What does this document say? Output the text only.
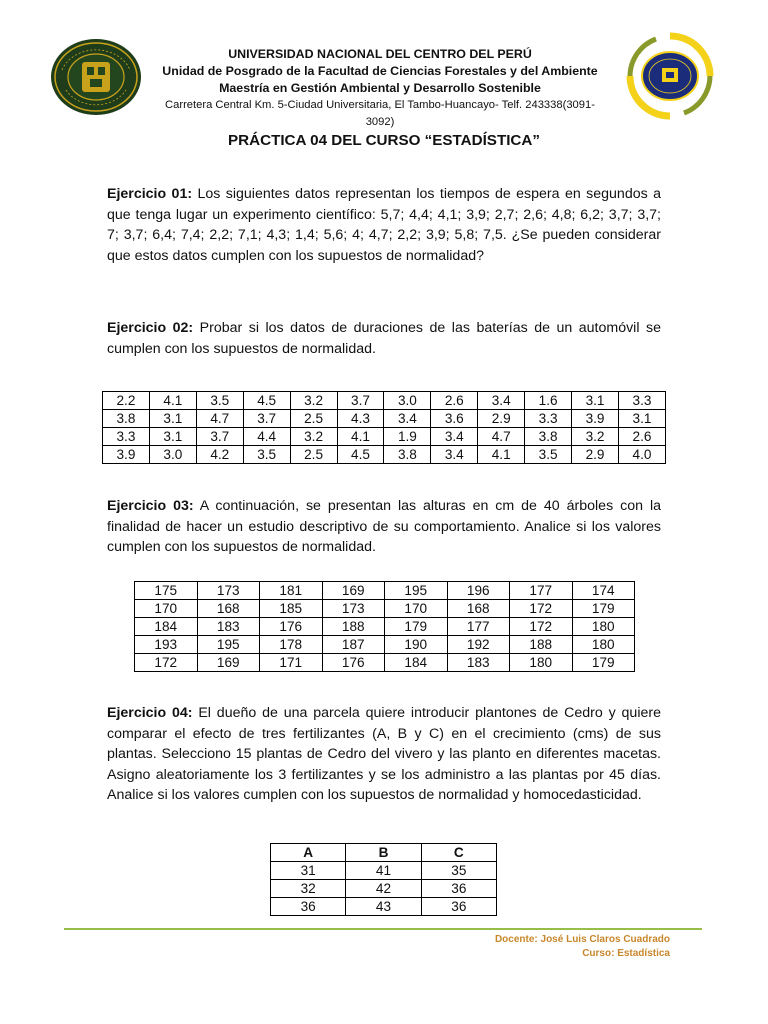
UNIVERSIDAD NACIONAL DEL CENTRO DEL PERÚ
Unidad de Posgrado de la Facultad de Ciencias Forestales y del Ambiente
Maestría en Gestión Ambiental y Desarrollo Sostenible
Carretera Central Km. 5-Ciudad Universitaria, El Tambo-Huancayo- Telf. 243338(3091-3092)
PRÁCTICA 04 DEL CURSO “ESTADÍSTICA”
Ejercicio 01: Los siguientes datos representan los tiempos de espera en segundos a que tenga lugar un experimento científico: 5,7; 4,4; 4,1; 3,9; 2,7; 2,6; 4,8; 6,2; 3,7; 3,7; 7; 3,7; 6,4; 7,4; 2,2; 7,1; 4,3; 1,4; 5,6; 4; 4,7; 2,2; 3,9; 5,8; 7,5. ¿Se pueden considerar que estos datos cumplen con los supuestos de normalidad?
Ejercicio 02: Probar si los datos de duraciones de las baterías de un automóvil se cumplen con los supuestos de normalidad.
2.2	4.1	3.5	4.5	3.2	3.7	3.0	2.6	3.4	1.6	3.1	3.3
3.8	3.1	4.7	3.7	2.5	4.3	3.4	3.6	2.9	3.3	3.9	3.1
3.3	3.1	3.7	4.4	3.2	4.1	1.9	3.4	4.7	3.8	3.2	2.6
3.9	3.0	4.2	3.5	2.5	4.5	3.8	3.4	4.1	3.5	2.9	4.0
Ejercicio 03: A continuación, se presentan las alturas en cm de 40 árboles con la finalidad de hacer un estudio descriptivo de su comportamiento. Analice si los valores cumplen con los supuestos de normalidad.
175	173	181	169	195	196	177	174
170	168	185	173	170	168	172	179
184	183	176	188	179	177	172	180
193	195	178	187	190	192	188	180
172	169	171	176	184	183	180	179
Ejercicio 04: El dueño de una parcela quiere introducir plantones de Cedro y quiere comparar el efecto de tres fertilizantes (A, B y C) en el crecimiento (cms) de sus plantas. Selecciono 15 plantas de Cedro del vivero y las planto en diferentes macetas. Asigno aleatoriamente los 3 fertilizantes y se los administro a las plantas por 45 días. Analice si los valores cumplen con los supuestos de normalidad y homocedasticidad.
A	B	C
31	41	35
32	42	36
36	43	36
Docente: José Luis Claros Cuadrado
Curso: Estadística
